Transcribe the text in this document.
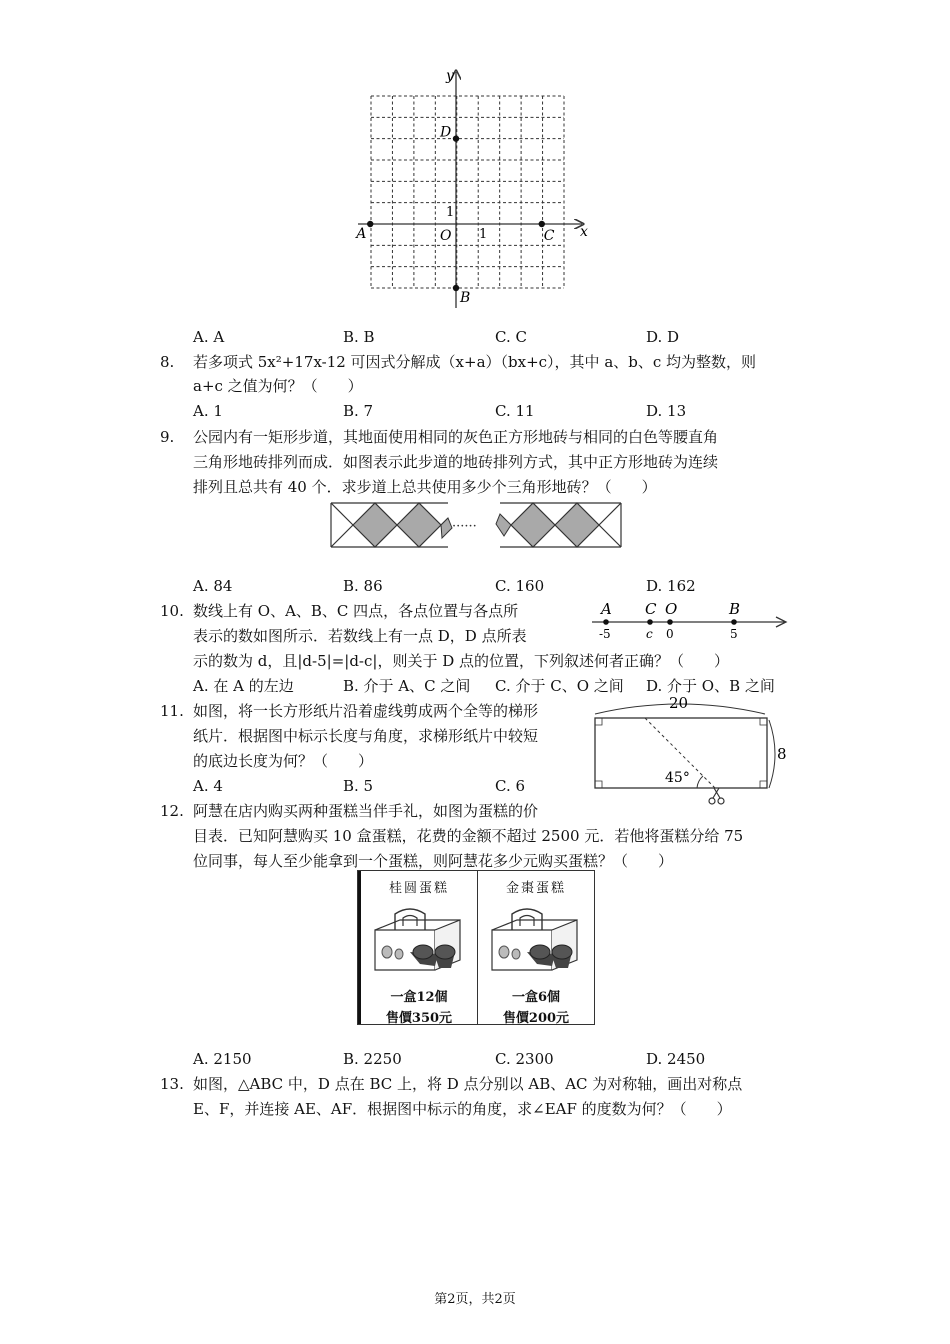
x
y
O 1
1
A
B
C
D
A. A	B. B	C. C	D. D
8. 若多项式 5x²+17x-12 可因式分解成（x+a）（bx+c），其中 a、b、c 均为整数，则
a+c 之值为何？（　　）
A. 1	B. 7	C. 11	D. 13
9. 公园内有一矩形步道，其地面使用相同的灰色正方形地砖与相同的白色等腰直角
三角形地砖排列而成．如图表示此步道的地砖排列方式，其中正方形地砖为连续
排列且总共有 40 个．求步道上总共使用多少个三角形地砖？（　　）
······
A. 84	B. 86	C. 160	D. 162
10. 数线上有 O、A、B、C 四点，各点位置与各点所
表示的数如图所示．若数线上有一点 D，D 点所表
示的数为 d，且|d-5|=|d-c|，则关于 D 点的位置，下列叙述何者正确？（　　）
A
-5
C
c
O
0
B
5
A. 在 A 的左边	B. 介于 A、C 之间 C. 介于 C、O 之间 D. 介于 O、B 之间
11. 如图，将一长方形纸片沿着虚线剪成两个全等的梯形
纸片．根据图中标示长度与角度，求梯形纸片中较短
的底边长度为何？（　　）
A. 4	B. 5	C. 6
20
8
45°
12. 阿慧在店内购买两种蛋糕当伴手礼，如图为蛋糕的价
目表．已知阿慧购买 10 盒蛋糕，花费的金额不超过 2500 元．若他将蛋糕分给 75
位同事，每人至少能拿到一个蛋糕，则阿慧花多少元购买蛋糕？（　　）
桂圆蛋糕
一盒12個
售價350元
金棗蛋糕
一盒6個
售價200元
A. 2150	B. 2250	C. 2300	D. 2450
13. 如图，△ABC 中，D 点在 BC 上，将 D 点分别以 AB、AC 为对称轴，画出对称点
E、F，并连接 AE、AF．根据图中标示的角度，求∠EAF 的度数为何？（　　）
第2页，共2页
